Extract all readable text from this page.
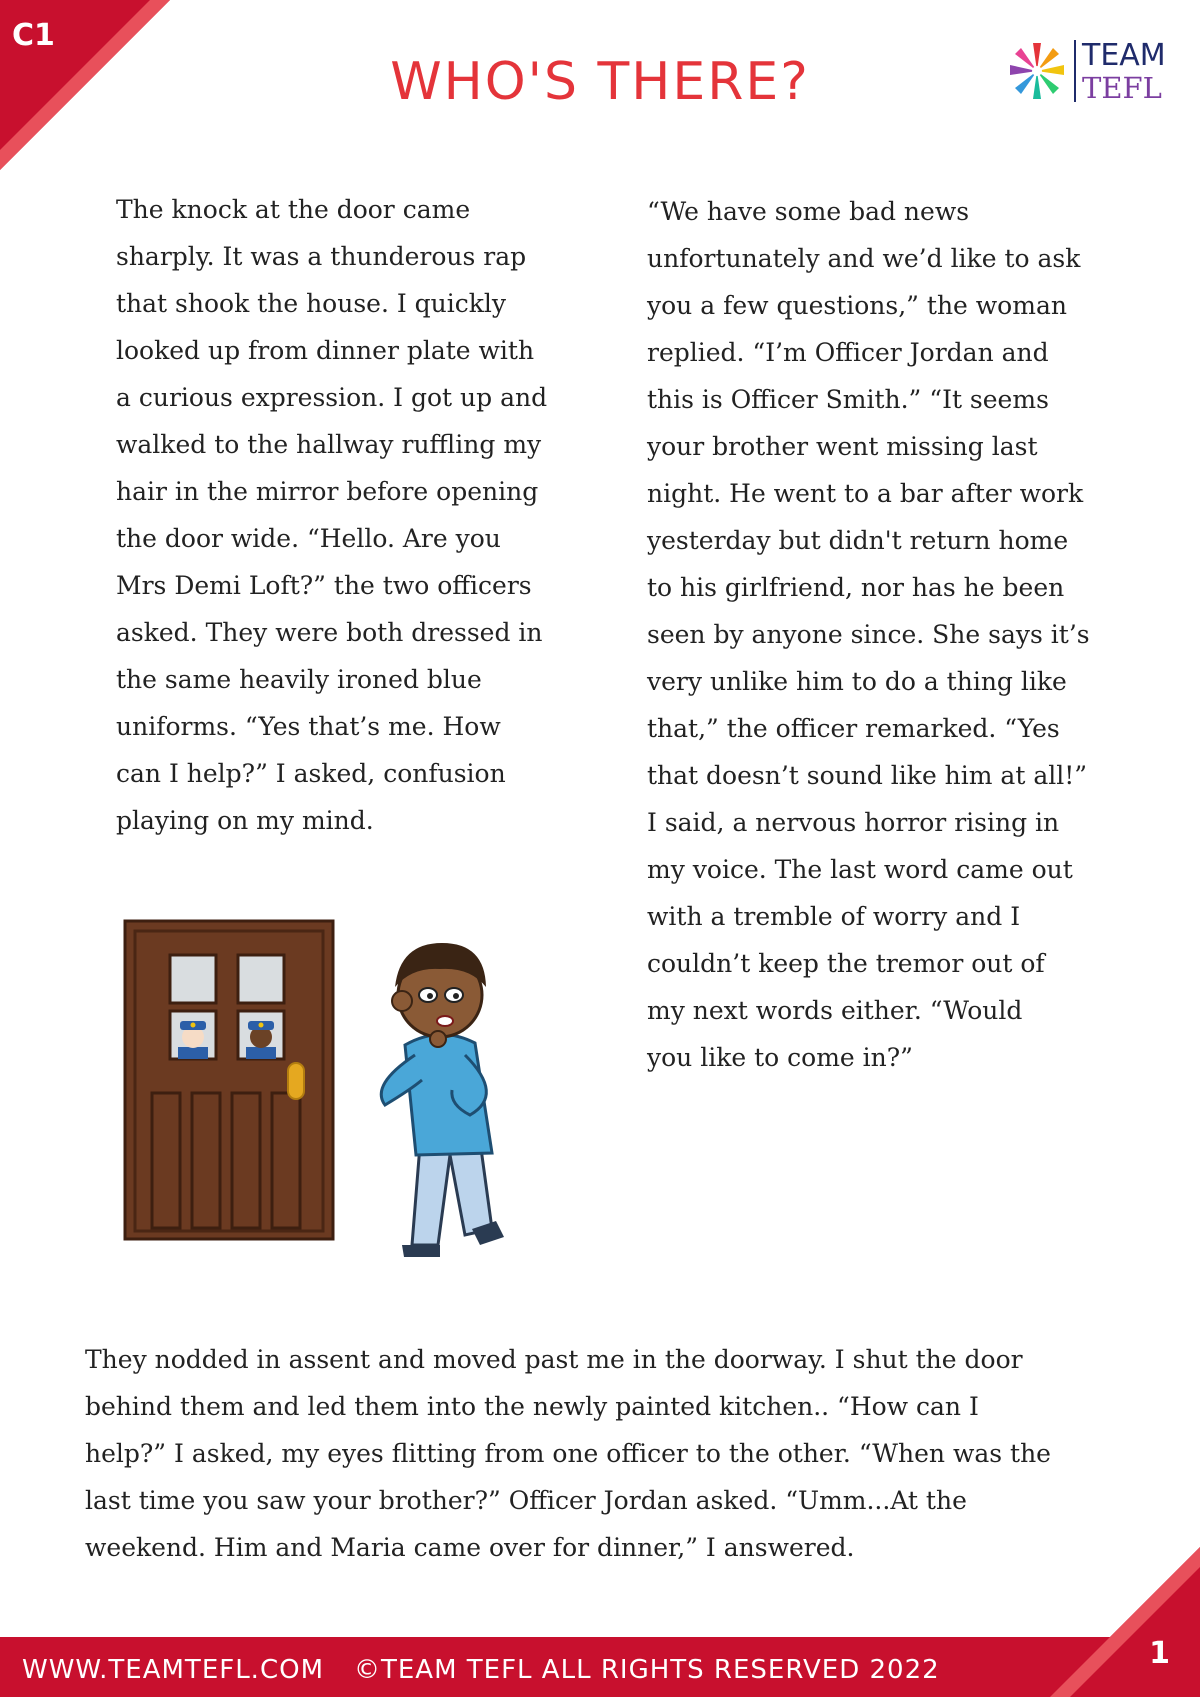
C1
WHO'S THERE?	TEAM
TEFL
The knock at the door came
sharply. It was a thunderous rap
that shook the house. I quickly
looked up from dinner plate with
a curious expression. I got up and
walked to the hallway ruffling my
hair in the mirror before opening
the door wide. “Hello. Are you
Mrs Demi Loft?” the two officers
asked. They were both dressed in
the same heavily ironed blue
uniforms. “Yes that’s me. How
can I help?” I asked, confusion
playing on my mind.
“We have some bad news
unfortunately and we’d like to ask
you a few questions,” the woman
replied. “I’m Officer Jordan and
this is Officer Smith.” “It seems
your brother went missing last
night. He went to a bar after work
yesterday but didn't return home
to his girlfriend, nor has he been
seen by anyone since. She says it’s
very unlike him to do a thing like
that,” the officer remarked. “Yes
that doesn’t sound like him at all!”
I said, a nervous horror rising in
my voice. The last word came out
with a tremble of worry and I
couldn’t keep the tremor out of
my next words either. “Would
you like to come in?”
They nodded in assent and moved past me in the doorway. I shut the door
behind them and led them into the newly painted kitchen.. “How can I
help?” I asked, my eyes flitting from one officer to the other. “When was the
last time you saw your brother?” Officer Jordan asked. “Umm...At the
weekend. Him and Maria came over for dinner,” I answered.
WWW.TEAMTEFL.COM ©TEAM TEFL ALL RIGHTS RESERVED 2022	1
